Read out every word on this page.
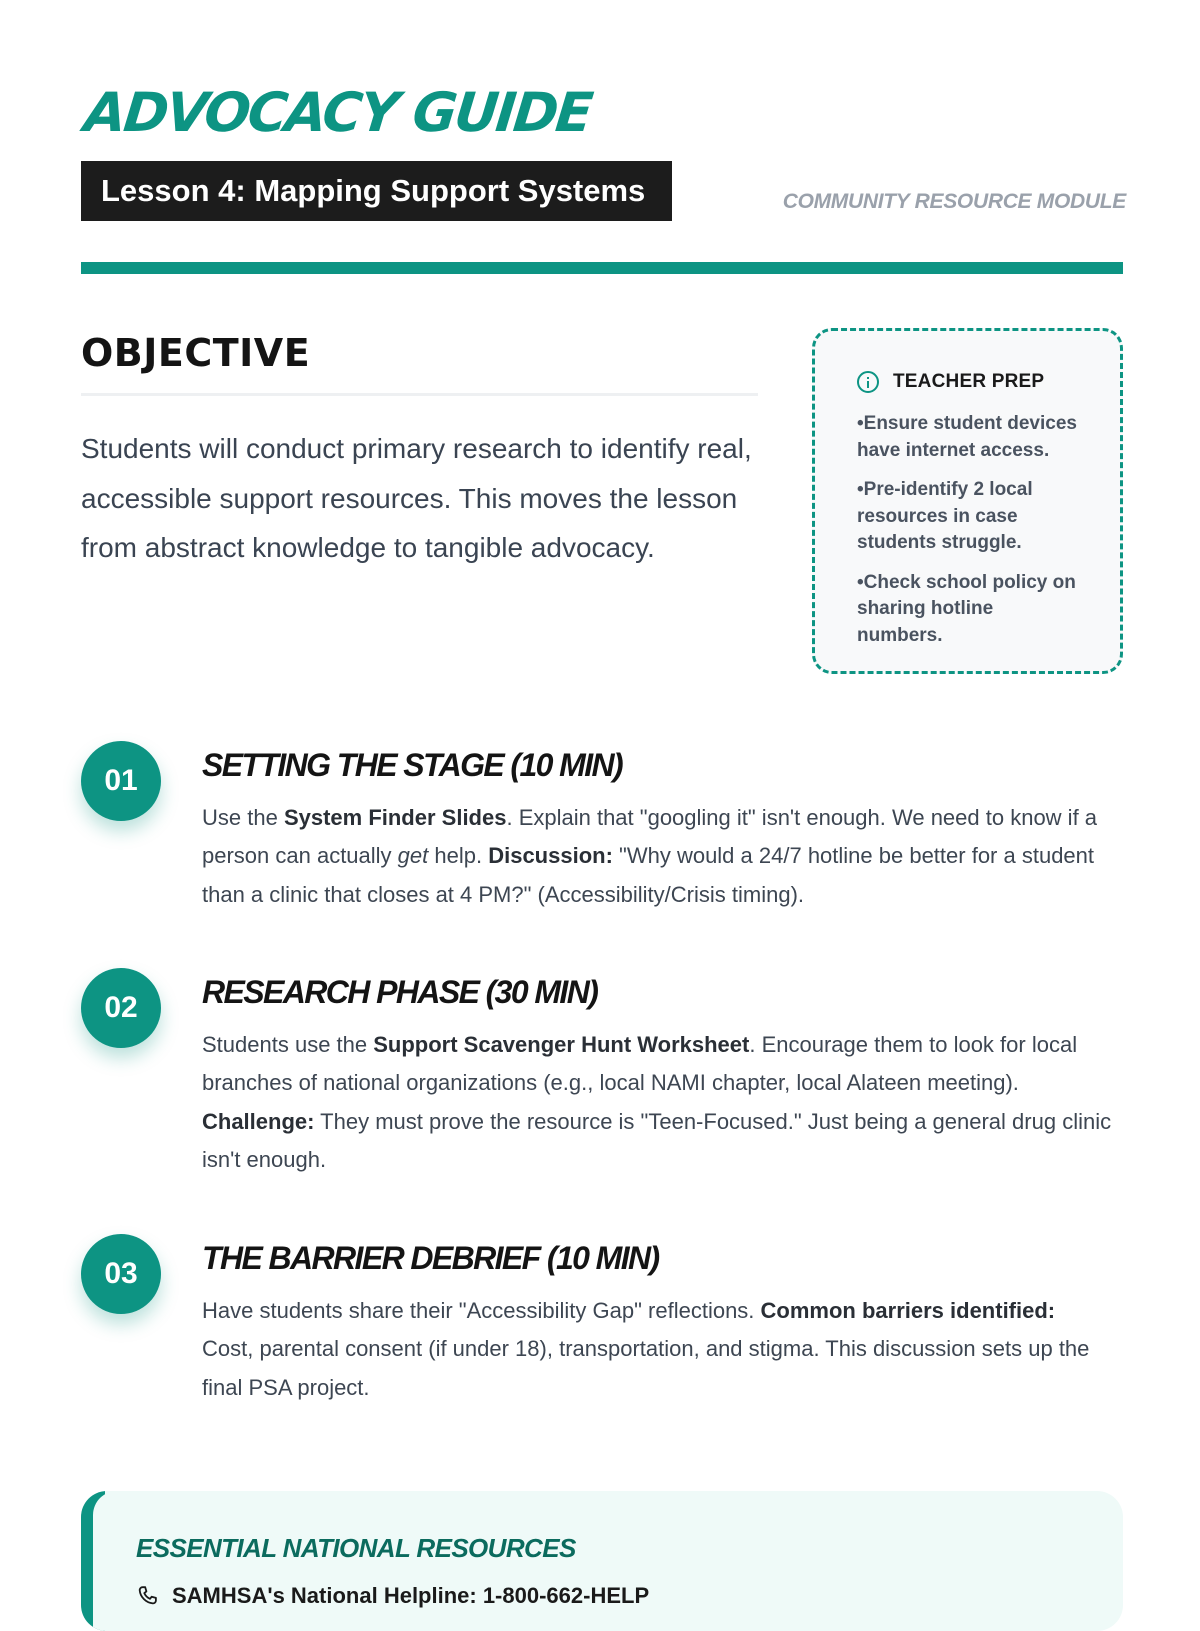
ADVOCACY GUIDE
Lesson 4: Mapping Support Systems	COMMUNITY RESOURCE MODULE
OBJECTIVE

Students will conduct primary research to identify real, accessible support resources. This moves the lesson from abstract knowledge to tangible advocacy.

TEACHER PREP
• Ensure student devices have internet access.
• Pre-identify 2 local resources in case students struggle.
• Check school policy on sharing hotline numbers.
01	SETTING THE STAGE (10 MIN)

Use the System Finder Slides. Explain that "googling it" isn't enough. We need to know if a person can actually get help. Discussion: "Why would a 24/7 hotline be better for a student than a clinic that closes at 4 PM?" (Accessibility/Crisis timing).

02	RESEARCH PHASE (30 MIN)

Students use the Support Scavenger Hunt Worksheet. Encourage them to look for local branches of national organizations (e.g., local NAMI chapter, local Alateen meeting). Challenge: They must prove the resource is "Teen-Focused." Just being a general drug clinic isn't enough.

03	THE BARRIER DEBRIEF (10 MIN)

Have students share their "Accessibility Gap" reflections. Common barriers identified: Cost, parental consent (if under 18), transportation, and stigma. This discussion sets up the final PSA project.

ESSENTIAL NATIONAL RESOURCES
SAMHSA's National Helpline: 1-800-662-HELP
